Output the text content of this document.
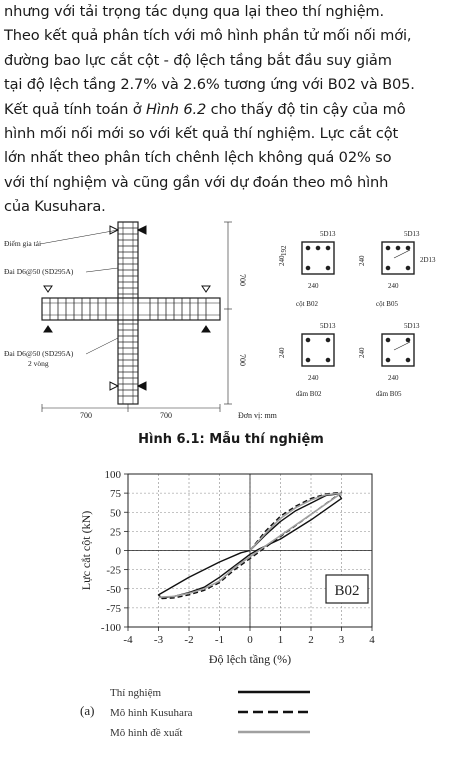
nhưng với tải trọng tác dụng qua lại theo thí nghiệm.

Theo kết quả phân tích với mô hình phần tử mối nối mới,

đường bao lực cắt cột - độ lệch tầng bắt đầu suy giảm

tại độ lệch tầng 2.7% và 2.6% tương ứng với B02 và B05.

Kết quả tính toán ở Hình 6.2 cho thấy độ tin cậy của mô

hình mối nối mới so với kết quả thí nghiệm. Lực cắt cột

lớn nhất theo phân tích chênh lệch không quá 02% so

với thí nghiệm và cũng gần với dự đoán theo mô hình

của Kusuhara.

Điểm gia tải
Đai D6@50 (SD295A)
Đai D6@50 (SD295A)
2 vòng
700
700
700	700	Đơn vị: mm
5D13
192
240
240
cột B02
5D13
2D13
240
240
cột B05
5D13
240
240
dầm B02
5D13
240
240
dầm B05
Hình 6.1: Mẫu thí nghiệm
-4 -3 -2 -1 0 1 2 3 4
100
75
50
25
0
-25
-50
-75
-100
Lực cắt cột (kN)
Độ lệch tầng (%)
B02
(a)
Thí nghiệm
Mô hình Kusuhara
Mô hình đề xuất
